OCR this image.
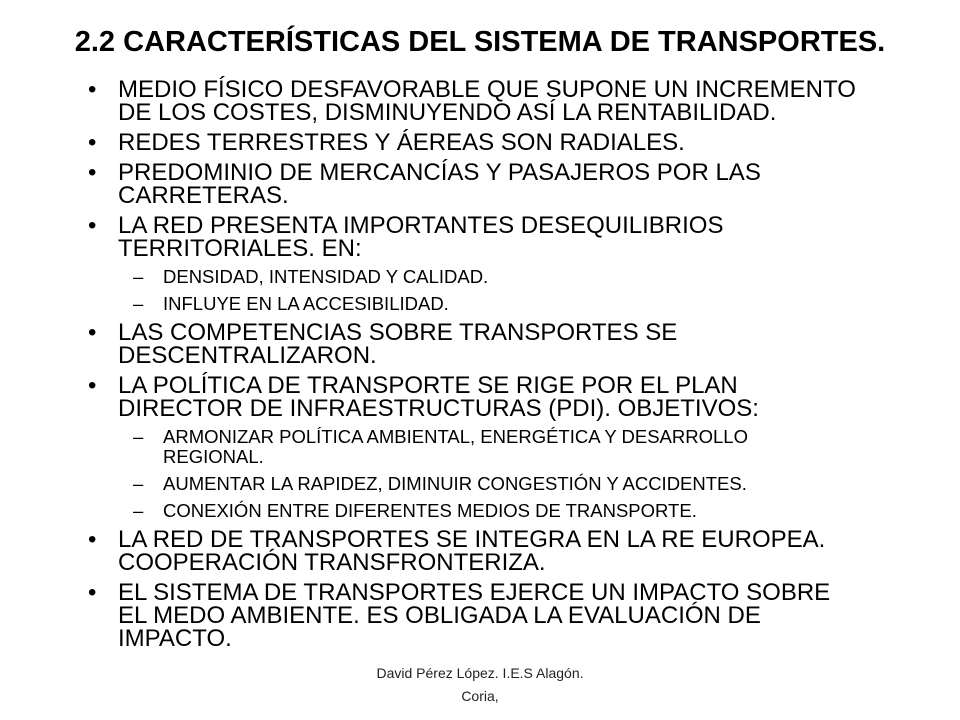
2.2 CARACTERÍSTICAS DEL SISTEMA DE TRANSPORTES.
• MEDIO FÍSICO DESFAVORABLE QUE SUPONE UN INCREMENTO
DE LOS COSTES, DISMINUYENDO ASÍ LA RENTABILIDAD.
• REDES TERRESTRES Y ÁEREAS SON RADIALES.
• PREDOMINIO DE MERCANCÍAS Y PASAJEROS POR LAS
CARRETERAS.
• LA RED PRESENTA IMPORTANTES DESEQUILIBRIOS
TERRITORIALES. EN:
–	DENSIDAD, INTENSIDAD Y CALIDAD.
–	INFLUYE EN LA ACCESIBILIDAD.
• LAS COMPETENCIAS SOBRE TRANSPORTES SE
DESCENTRALIZARON.
• LA POLÍTICA DE TRANSPORTE SE RIGE POR EL PLAN
DIRECTOR DE INFRAESTRUCTURAS (PDI). OBJETIVOS:
–	ARMONIZAR POLÍTICA AMBIENTAL, ENERGÉTICA Y DESARROLLO
REGIONAL.
–	AUMENTAR LA RAPIDEZ, DIMINUIR CONGESTIÓN Y ACCIDENTES.
–	CONEXIÓN ENTRE DIFERENTES MEDIOS DE TRANSPORTE.
• LA RED DE TRANSPORTES SE INTEGRA EN LA RE EUROPEA.
COOPERACIÓN TRANSFRONTERIZA.
• EL SISTEMA DE TRANSPORTES EJERCE UN IMPACTO SOBRE
EL MEDO AMBIENTE. ES OBLIGADA LA EVALUACIÓN DE
IMPACTO.
David Pérez López. I.E.S Alagón.
Coria,
